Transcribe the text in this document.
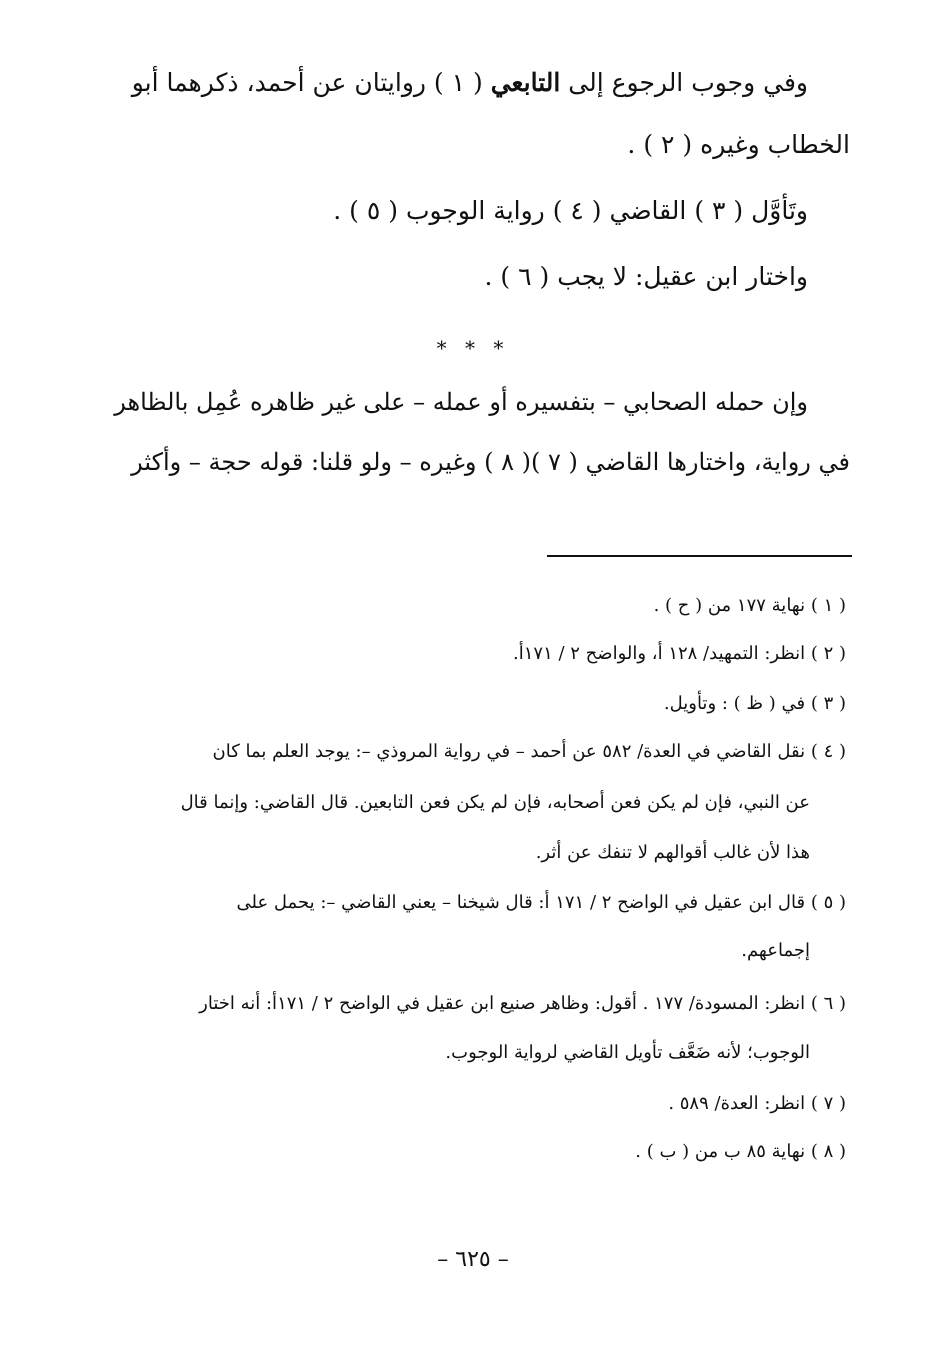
وفي وجوب الرجوع إلى التابعي ( ١ ) روايتان عن أحمد، ذكرهما أبو
الخطاب وغيره ( ٢ ) .
وتَأوَّل ( ٣ ) القاضي ( ٤ ) رواية الوجوب ( ٥ ) .
واختار ابن عقيل: لا يجب ( ٦ ) .
* * *
وإن حمله الصحابي – بتفسيره أو عمله – على غير ظاهره عُمِل بالظاهر
في رواية، واختارها القاضي ( ٧ )( ٨ ) وغيره – ولو قلنا: قوله حجة – وأكثر
( ١ ) نهاية ١٧٧ من ( ح ) .
( ٢ ) انظر: التمهيد/ ١٢٨ أ، والواضح ٢ / ١٧١أ.
( ٣ ) في ( ظ ) : وتأويل.
( ٤ ) نقل القاضي في العدة/ ٥٨٢ عن أحمد – في رواية المروذي –: يوجد العلم بما كان
عن النبي، فإن لم يكن فعن أصحابه، فإن لم يكن فعن التابعين. قال القاضي: وإنما قال
هذا لأن غالب أقوالهم لا تنفك عن أثر.
( ٥ ) قال ابن عقيل في الواضح ٢ / ١٧١ أ: قال شيخنا – يعني القاضي –: يحمل على
إجماعهم.
( ٦ ) انظر: المسودة/ ١٧٧ . أقول: وظاهر صنيع ابن عقيل في الواضح ٢ / ١٧١أ: أنه اختار
الوجوب؛ لأنه ضَعَّف تأويل القاضي لرواية الوجوب.
( ٧ ) انظر: العدة/ ٥٨٩ .
( ٨ ) نهاية ٨٥ ب من ( ب ) .
– ٦٢٥ –
